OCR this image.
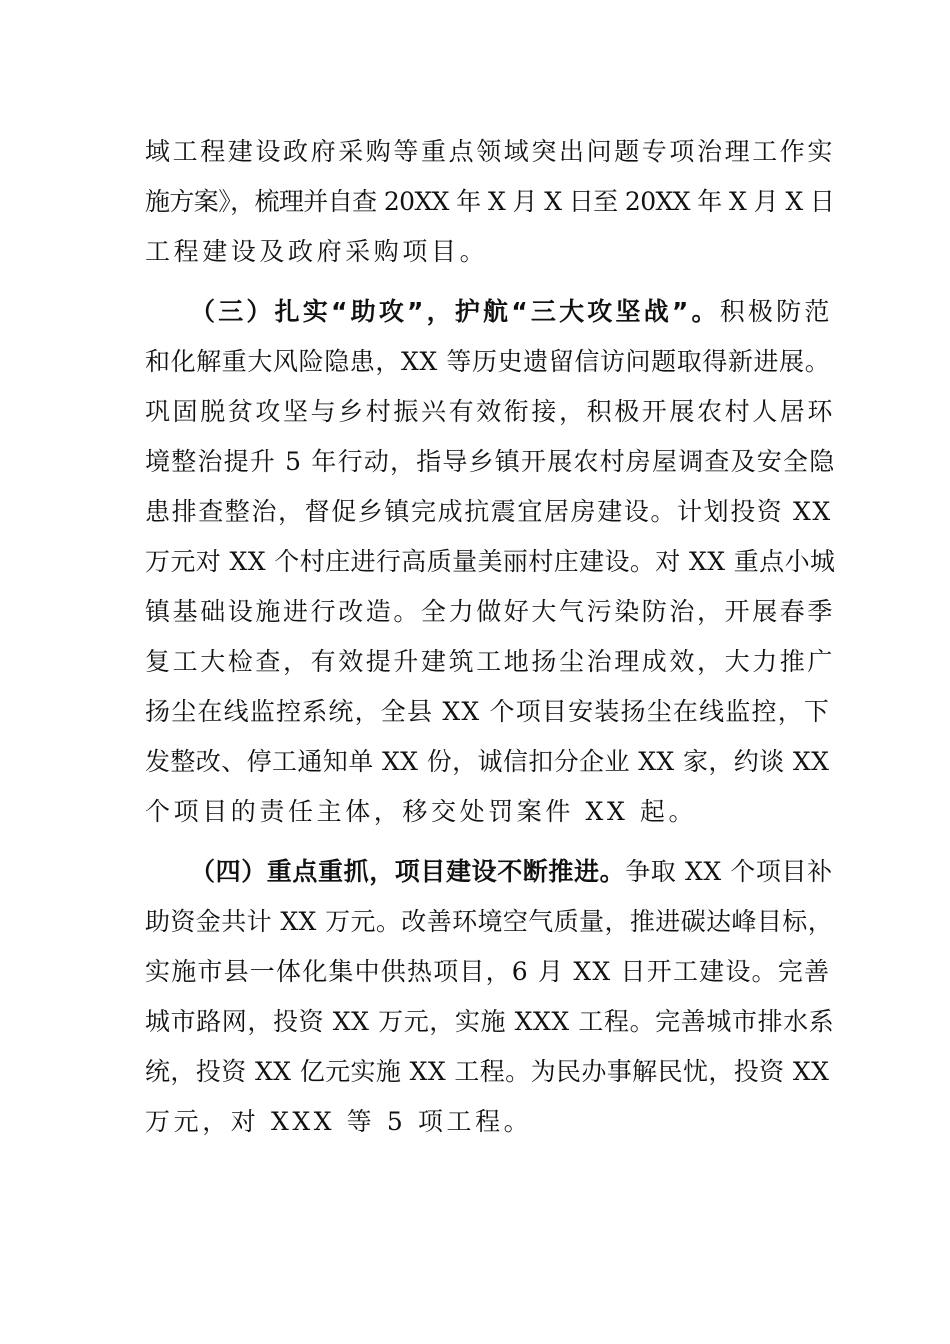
域工程建设政府采购等重点领域突出问题专项治理工作实
施方案》，梳理并自查 20XX 年 X 月 X 日至 20XX 年 X 月 X 日
工程建设及政府采购项目。
（三）扎实“助攻”，护航“三大攻坚战”。积极防范
和化解重大风险隐患，XX 等历史遗留信访问题取得新进展。
巩固脱贫攻坚与乡村振兴有效衔接，积极开展农村人居环
境整治提升 5 年行动，指导乡镇开展农村房屋调查及安全隐
患排查整治，督促乡镇完成抗震宜居房建设。计划投资 XX
万元对 XX 个村庄进行高质量美丽村庄建设。对 XX 重点小城
镇基础设施进行改造。全力做好大气污染防治，开展春季
复工大检查，有效提升建筑工地扬尘治理成效，大力推广
扬尘在线监控系统，全县 XX 个项目安装扬尘在线监控，下
发整改、停工通知单 XX 份，诚信扣分企业 XX 家，约谈 XX
个项目的责任主体，移交处罚案件 XX 起。
（四）重点重抓，项目建设不断推进。争取 XX 个项目补
助资金共计 XX 万元。改善环境空气质量，推进碳达峰目标，
实施市县一体化集中供热项目，6 月 XX 日开工建设。完善
城市路网，投资 XX 万元，实施 XXX 工程。完善城市排水系
统，投资 XX 亿元实施 XX 工程。为民办事解民忧，投资 XX
万元，对 XXX 等 5 项工程。
